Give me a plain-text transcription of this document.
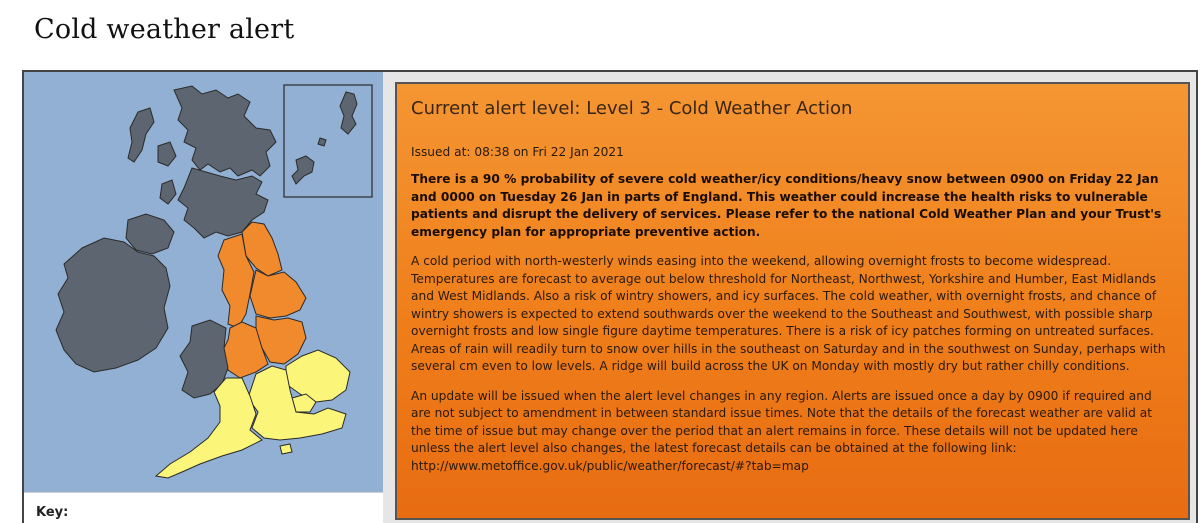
Cold weather alert
Key:
Current alert level: Level 3 - Cold Weather Action

Issued at: 08:38 on Fri 22 Jan 2021

There is a 90 % probability of severe cold weather/icy conditions/heavy snow between 0900 on Friday 22 Jan and 0000 on Tuesday 26 Jan in parts of England. This weather could increase the health risks to vulnerable patients and disrupt the delivery of services. Please refer to the national Cold Weather Plan and your Trust's emergency plan for appropriate preventive action.

A cold period with north-westerly winds easing into the weekend, allowing overnight frosts to become widespread. Temperatures are forecast to average out below threshold for Northeast, Northwest, Yorkshire and Humber, East Midlands and West Midlands. Also a risk of wintry showers, and icy surfaces. The cold weather, with overnight frosts, and chance of wintry showers is expected to extend southwards over the weekend to the Southeast and Southwest, with possible sharp overnight frosts and low single figure daytime temperatures. There is a risk of icy patches forming on untreated surfaces. Areas of rain will readily turn to snow over hills in the southeast on Saturday and in the southwest on Sunday, perhaps with several cm even to low levels. A ridge will build across the UK on Monday with mostly dry but rather chilly conditions.

An update will be issued when the alert level changes in any region. Alerts are issued once a day by 0900 if required and are not subject to amendment in between standard issue times. Note that the details of the forecast weather are valid at the time of issue but may change over the period that an alert remains in force. These details will not be updated here unless the alert level also changes, the latest forecast details can be obtained at the following link:
http://www.metoffice.gov.uk/public/weather/forecast/#?tab=map
